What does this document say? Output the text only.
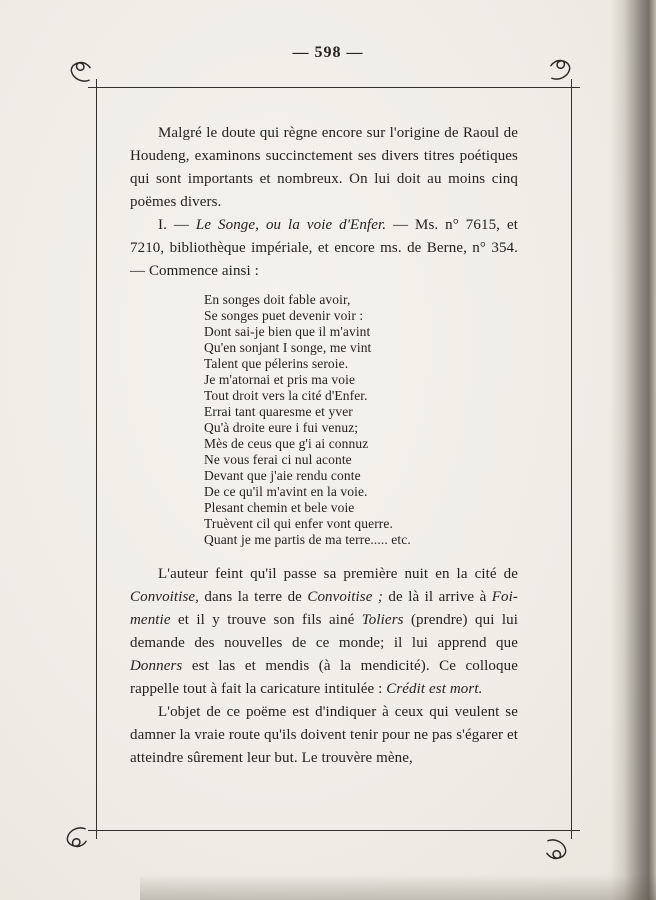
— 598 —

Malgré le doute qui règne encore sur l'origine de Raoul de Houdeng, examinons succinctement ses divers titres poétiques qui sont importants et nombreux. On lui doit au moins cinq poëmes divers.

I. — Le Songe, ou la voie d'Enfer. — Ms. n° 7615, et 7210, bibliothèque impériale, et encore ms. de Berne, n° 354. — Commence ainsi :

En songes doit fable avoir,
Se songes puet devenir voir :
Dont sai-je bien que il m'avint
Qu'en sonjant I songe, me vint
Talent que pélerins seroie.
Je m'atornai et pris ma voie
Tout droit vers la cité d'Enfer.
Errai tant quaresme et yver
Qu'à droite eure i fui venuz;
Mès de ceus que g'i ai connuz
Ne vous ferai ci nul aconte
Devant que j'aie rendu conte
De ce qu'il m'avint en la voie.
Plesant chemin et bele voie
Truèvent cil qui enfer vont querre.
Quant je me partis de ma terre..... etc.

L'auteur feint qu'il passe sa première nuit en la cité de Convoitise, dans la terre de Convoitise ; de là il arrive à Foi-mentie et il y trouve son fils ainé Toliers (prendre) qui lui demande des nouvelles de ce monde; il lui apprend que Donners est las et mendis (à la mendicité). Ce colloque rappelle tout à fait la caricature intitulée : Crédit est mort.

L'objet de ce poëme est d'indiquer à ceux qui veulent se damner la vraie route qu'ils doivent tenir pour ne pas s'égarer et atteindre sûrement leur but. Le trouvère mène,
